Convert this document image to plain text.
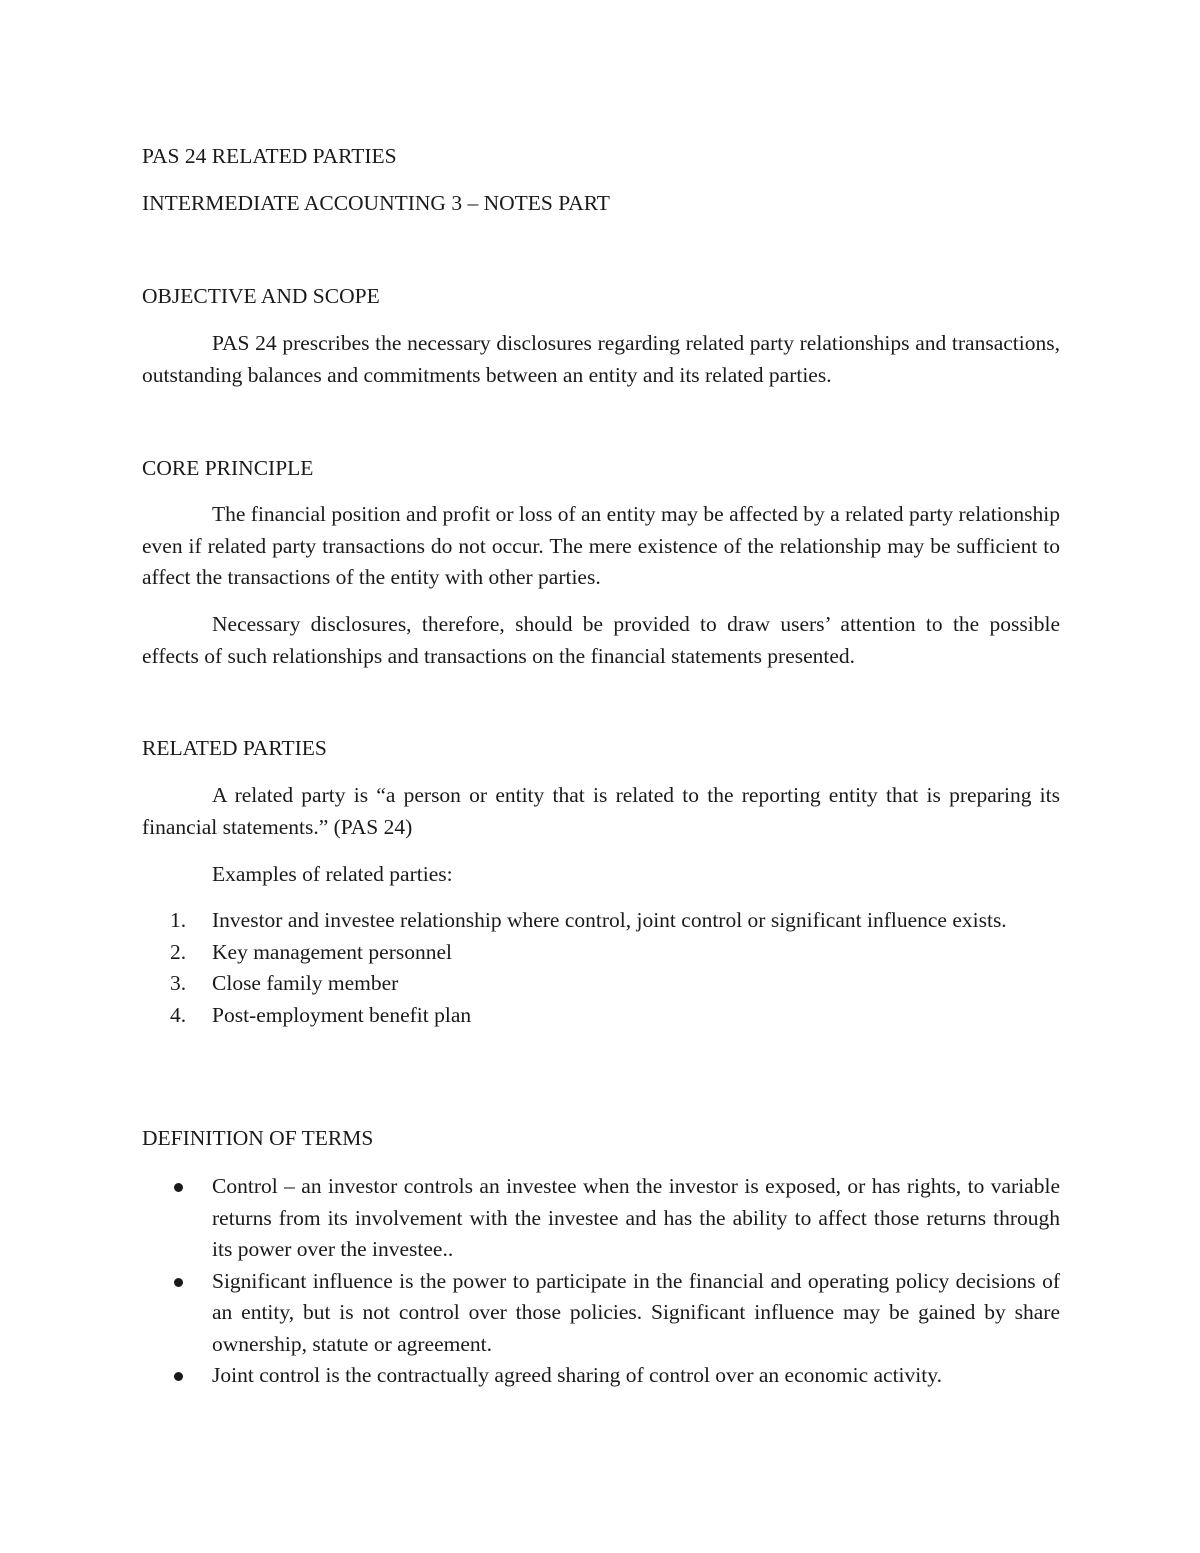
PAS 24 RELATED PARTIES
INTERMEDIATE ACCOUNTING 3 – NOTES PART
OBJECTIVE AND SCOPE
PAS 24 prescribes the necessary disclosures regarding related party relationships and transactions, outstanding balances and commitments between an entity and its related parties.
CORE PRINCIPLE
The financial position and profit or loss of an entity may be affected by a related party relationship even if related party transactions do not occur. The mere existence of the relationship may be sufficient to affect the transactions of the entity with other parties.
Necessary disclosures, therefore, should be provided to draw users’ attention to the possible effects of such relationships and transactions on the financial statements presented.
RELATED PARTIES
A related party is “a person or entity that is related to the reporting entity that is preparing its financial statements.” (PAS 24)
Examples of related parties:
1.	Investor and investee relationship where control, joint control or significant influence exists.
2.	Key management personnel
3.	Close family member
4.	Post-employment benefit plan
DEFINITION OF TERMS
Control – an investor controls an investee when the investor is exposed, or has rights, to variable returns from its involvement with the investee and has the ability to affect those returns through its power over the investee..
Significant influence is the power to participate in the financial and operating policy decisions of an entity, but is not control over those policies. Significant influence may be gained by share ownership, statute or agreement.
Joint control is the contractually agreed sharing of control over an economic activity.
